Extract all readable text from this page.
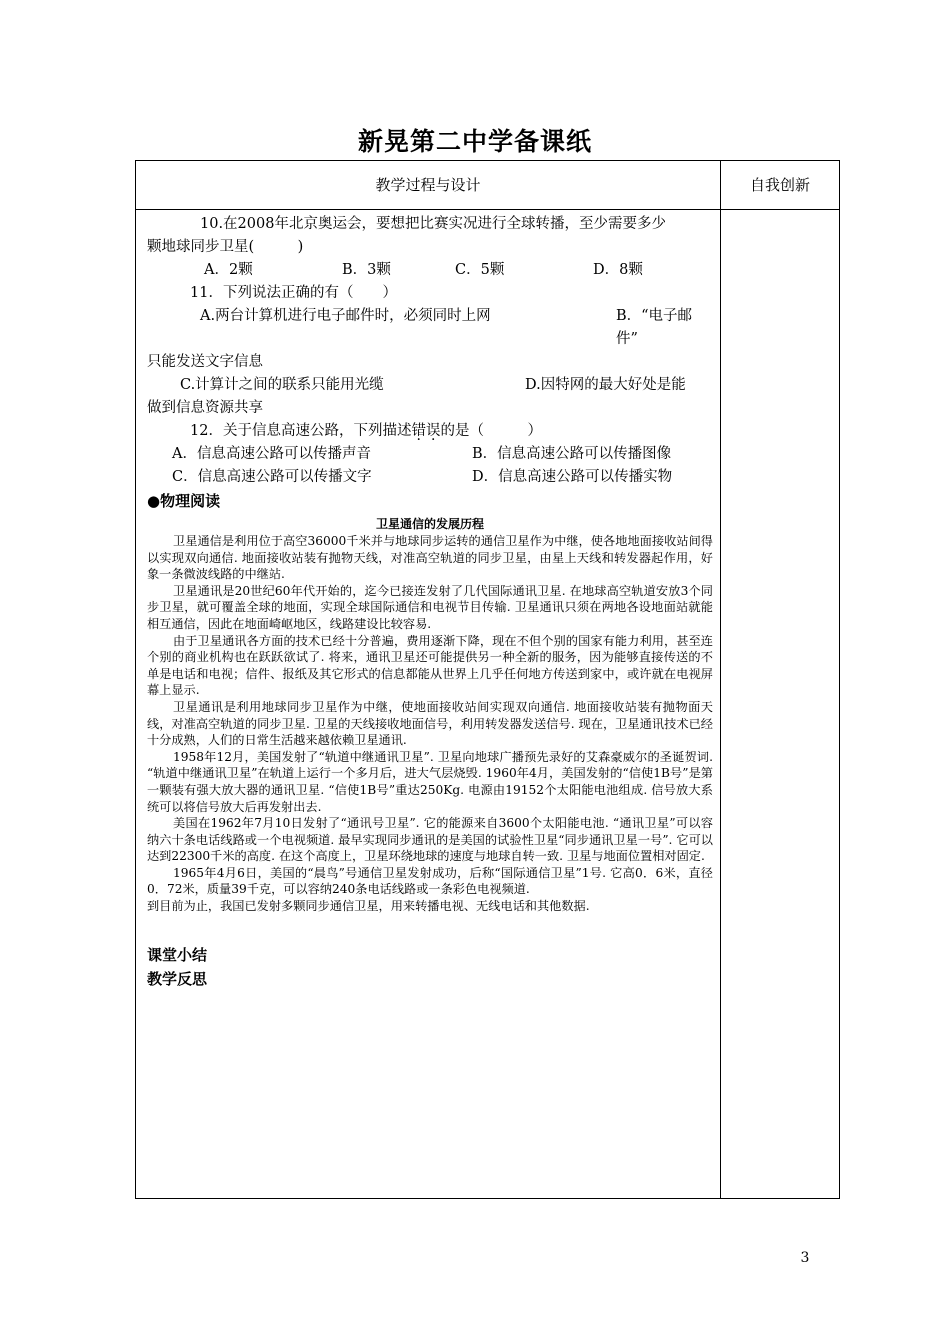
新晃第二中学备课纸
教学过程与设计	自我创新

10.在2008年北京奥运会，要想把比赛实况进行全球转播，至少需要多少

颗地球同步卫星(　　　)

A．2颗	B．3颗	C．5颗	D．8颗

11．下列说法正确的有（　　）

A.两台计算机进行电子邮件时，必须同时上网	B．“电子邮件”

只能发送文字信息

C.计算计之间的联系只能用光缆	D.因特网的最大好处是能

做到信息资源共享

12．关于信息高速公路，下列描述错误的是（　　　）

A．信息高速公路可以传播声音	B．信息高速公路可以传播图像
C．信息高速公路可以传播文字	D．信息高速公路可以传播实物

●物理阅读

卫星通信的发展历程

卫星通信是利用位于高空36000千米并与地球同步运转的通信卫星作为中继，使各地地面接收站间得以实现双向通信. 地面接收站装有抛物天线，对准高空轨道的同步卫星，由星上天线和转发器起作用，好象一条微波线路的中继站.

卫星通讯是20世纪60年代开始的，迄今已接连发射了几代国际通讯卫星. 在地球高空轨道安放3个同步卫星，就可覆盖全球的地面，实现全球国际通信和电视节目传输. 卫星通讯只须在两地各设地面站就能相互通信，因此在地面崎岖地区，线路建设比较容易.

由于卫星通讯各方面的技术已经十分普遍，费用逐渐下降，现在不但个别的国家有能力利用，甚至连个别的商业机构也在跃跃欲试了. 将来，通讯卫星还可能提供另一种全新的服务，因为能够直接传送的不单是电话和电视；信件、报纸及其它形式的信息都能从世界上几乎任何地方传送到家中，或许就在电视屏幕上显示.

卫星通讯是利用地球同步卫星作为中继，使地面接收站间实现双向通信. 地面接收站装有抛物面天线，对准高空轨道的同步卫星. 卫星的天线接收地面信号，利用转发器发送信号. 现在，卫星通讯技术已经十分成熟，人们的日常生活越来越依赖卫星通讯.

1958年12月，美国发射了“轨道中继通讯卫星”. 卫星向地球广播预先录好的艾森豪威尔的圣诞贺词. “轨道中继通讯卫星”在轨道上运行一个多月后，进大气层烧毁. 1960年4月，美国发射的“信使1B号”是第一颗装有强大放大器的通讯卫星. “信使1B号”重达250Kg. 电源由19152个太阳能电池组成. 信号放大系统可以将信号放大后再发射出去.

美国在1962年7月10日发射了“通讯号卫星”. 它的能源来自3600个太阳能电池. “通讯卫星”可以容纳六十条电话线路或一个电视频道. 最早实现同步通讯的是美国的试验性卫星“同步通讯卫星一号”. 它可以达到22300千米的高度. 在这个高度上，卫星环绕地球的速度与地球自转一致. 卫星与地面位置相对固定.

1965年4月6日，美国的“晨鸟”号通信卫星发射成功，后称“国际通信卫星”1号. 它高0．6米，直径0．72米，质量39千克，可以容纳240条电话线路或一条彩色电视频道.

到目前为止，我国已发射多颗同步通信卫星，用来转播电视、无线电话和其他数据.

课堂小结

教学反思

3
